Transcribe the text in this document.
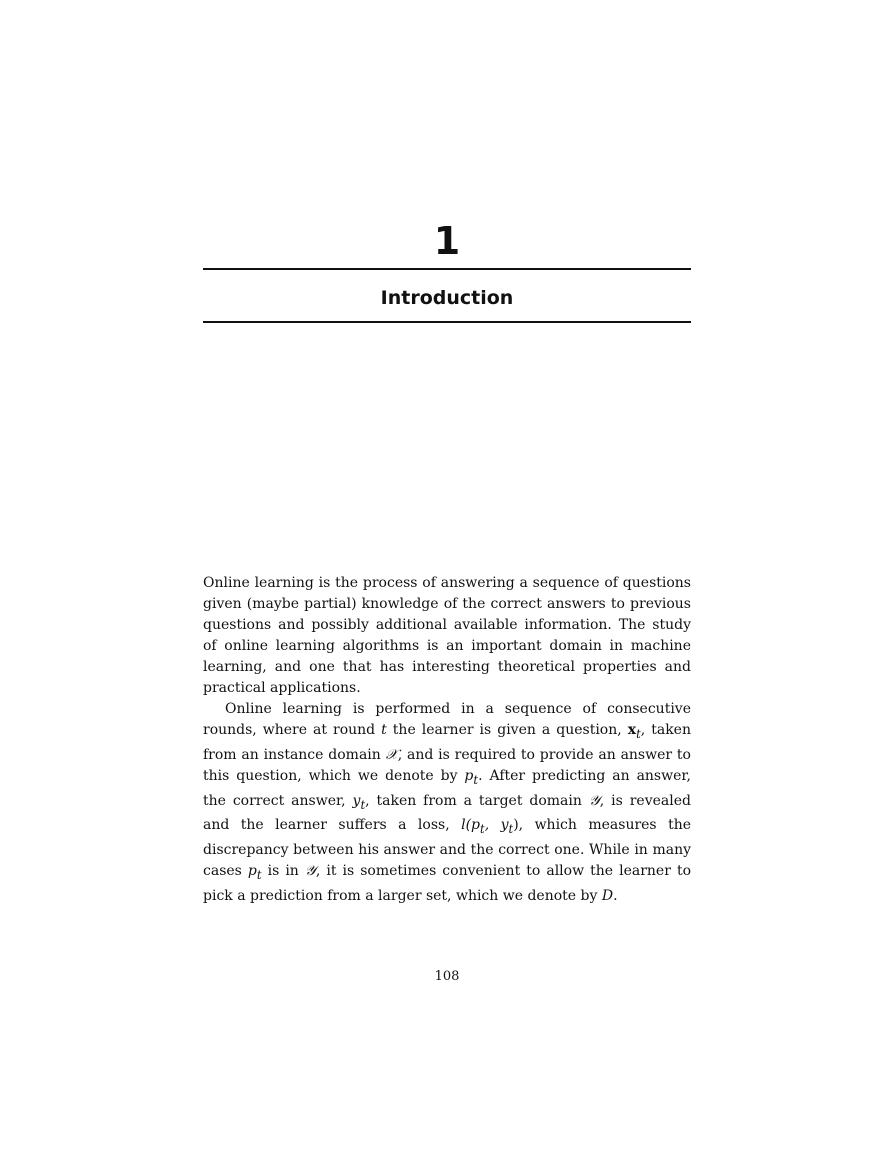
1
Introduction

Online learning is the process of answering a sequence of questions given (maybe partial) knowledge of the correct answers to previous questions and possibly additional available information. The study of online learning algorithms is an important domain in machine learning, and one that has interesting theoretical properties and practical applications.

Online learning is performed in a sequence of consecutive rounds, where at round t the learner is given a question, $x_t$, taken from an instance domain 𝒳, and is required to provide an answer to this question, which we denote by $p_t$. After predicting an answer, the correct answer, $y_t$, taken from a target domain 𝒴, is revealed and the learner suffers a loss, $l(p_t$, $y_t$), which measures the discrepancy between his answer and the correct one. While in many cases $p_t$ is in 𝒴, it is sometimes convenient to allow the learner to pick a prediction from a larger set, which we denote by D.

108
